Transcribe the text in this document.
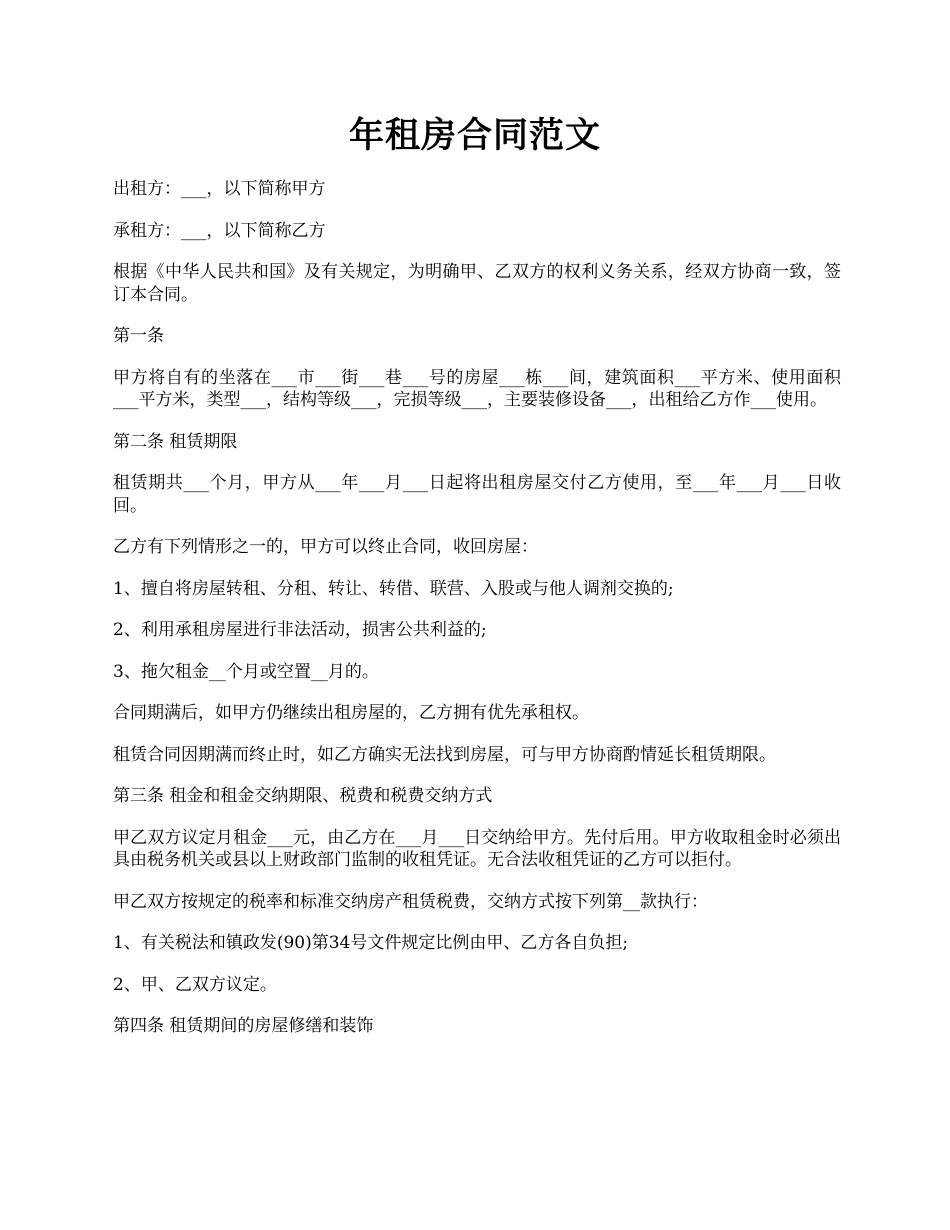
年租房合同范文

出租方：___，以下简称甲方

承租方：___，以下简称乙方

根据《中华人民共和国》及有关规定，为明确甲、乙双方的权利义务关系，经双方协商一致，签订本合同。

第一条

甲方将自有的坐落在___市___街___巷___号的房屋___栋___间，建筑面积___平方米、使用面积___平方米，类型___，结构等级___，完损等级___，主要装修设备___，出租给乙方作___使用。

第二条 租赁期限

租赁期共___个月，甲方从___年___月___日起将出租房屋交付乙方使用，至___年___月___日收回。

乙方有下列情形之一的，甲方可以终止合同，收回房屋：

1、擅自将房屋转租、分租、转让、转借、联营、入股或与他人调剂交换的;

2、利用承租房屋进行非法活动，损害公共利益的;

3、拖欠租金__个月或空置__月的。

合同期满后，如甲方仍继续出租房屋的，乙方拥有优先承租权。

租赁合同因期满而终止时，如乙方确实无法找到房屋，可与甲方协商酌情延长租赁期限。

第三条 租金和租金交纳期限、税费和税费交纳方式

甲乙双方议定月租金___元，由乙方在___月___日交纳给甲方。先付后用。甲方收取租金时必须出具由税务机关或县以上财政部门监制的收租凭证。无合法收租凭证的乙方可以拒付。

甲乙双方按规定的税率和标准交纳房产租赁税费，交纳方式按下列第__款执行：

1、有关税法和镇政发(90)第34号文件规定比例由甲、乙方各自负担;

2、甲、乙双方议定。

第四条 租赁期间的房屋修缮和装饰
